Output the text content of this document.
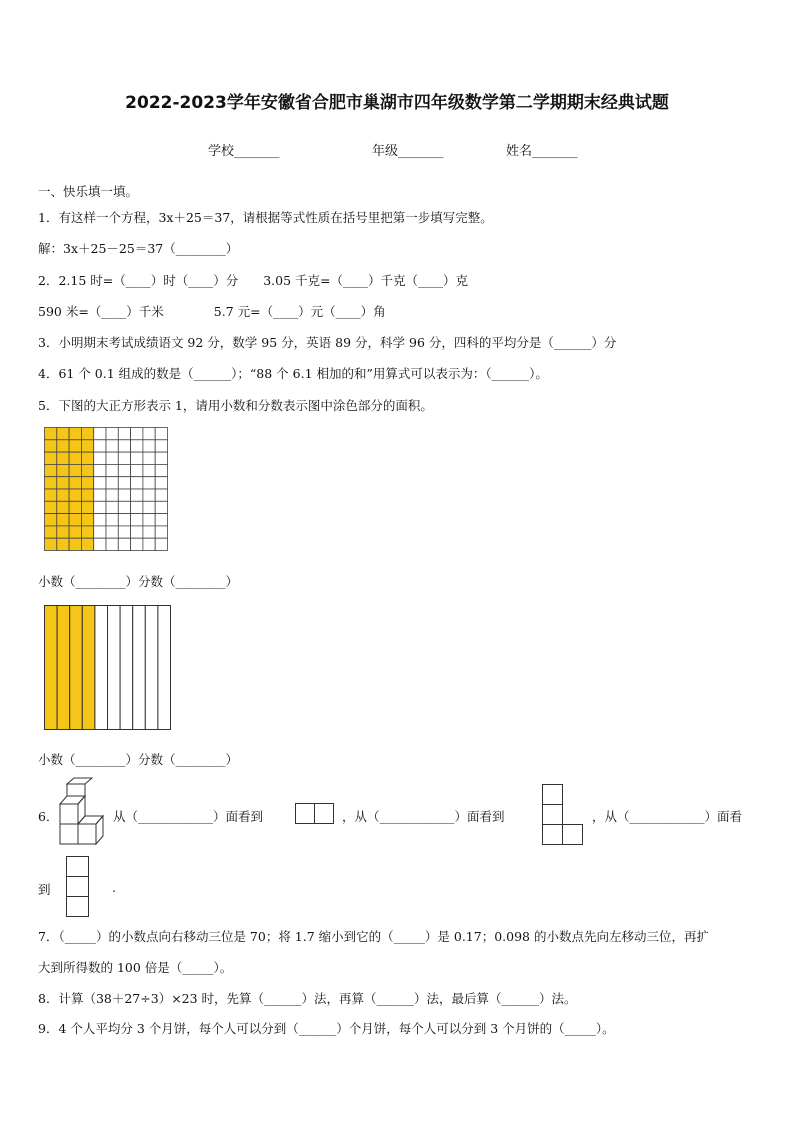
2022-2023学年安徽省合肥市巢湖市四年级数学第二学期期末经典试题
学校_______	年级_______	姓名_______
一、快乐填一填。
1．有这样一个方程，3x＋25＝37，请根据等式性质在括号里把第一步填写完整。
解：3x＋25－25＝37（________）
2．2.15 时=（____）时（____）分　　3.05 千克=（____）千克（____）克
590 米=（____）千米　　　　5.7 元=（____）元（____）角
3．小明期末考试成绩语文 92 分，数学 95 分，英语 89 分，科学 96 分，四科的平均分是（______）分
4．61 个 0.1 组成的数是（______）；“88 个 6.1 相加的和”用算式可以表示为：（______）。
5．下图的大正方形表示 1，请用小数和分数表示图中涂色部分的面积。
小数（________）分数（________）
小数（________）分数（________）
6．	从（____________）面看到	，从（____________）面看到	，从（____________）面看
到	.
7．（_____）的小数点向右移动三位是 70；将 1.7 缩小到它的（_____）是 0.17；0.098 的小数点先向左移动三位，再扩
大到所得数的 100 倍是（_____）。
8．计算（38＋27÷3）×23 时，先算（______）法，再算（______）法，最后算（______）法。
9．4 个人平均分 3 个月饼，每个人可以分到（______）个月饼，每个人可以分到 3 个月饼的（_____）。
